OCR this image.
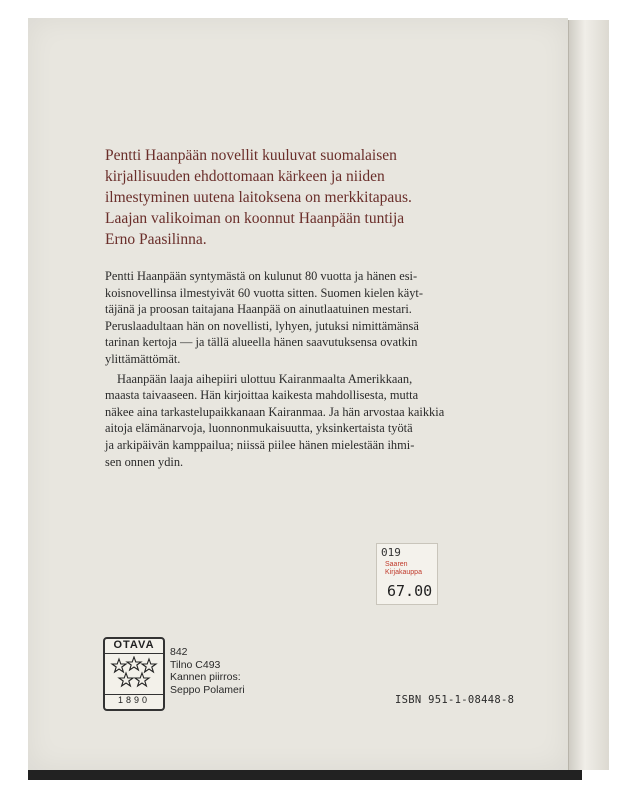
Pentti Haanpään novellit kuuluvat suomalaisen
kirjallisuuden ehdottomaan kärkeen ja niiden
ilmestyminen uutena laitoksena on merkkitapaus.
Laajan valikoiman on koonnut Haanpään tuntija
Erno Paasilinna.

Pentti Haanpään syntymästä on kulunut 80 vuotta ja hänen esi-
koisnovellinsa ilmestyivät 60 vuotta sitten. Suomen kielen käyt-
täjänä ja proosan taitajana Haanpää on ainutlaatuinen mestari.
Peruslaadultaan hän on novellisti, lyhyen, jutuksi nimittämänsä
tarinan kertoja — ja tällä alueella hänen saavutuksensa ovatkin
ylittämättömät.

Haanpään laaja aihepiiri ulottuu Kairanmaalta Amerikkaan,
maasta taivaaseen. Hän kirjoittaa kaikesta mahdollisesta, mutta
näkee aina tarkastelupaikkanaan Kairanmaa. Ja hän arvostaa kaikkia
aitoja elämänarvoja, luonnonmukaisuutta, yksinkertaista työtä
ja arkipäivän kamppailua; niissä piilee hänen mielestään ihmi-
sen onnen ydin.

019
Saaren
Kirjakauppa
67.00
OTAVA
1890
842
Tilno C493
Kannen piirros:
Seppo Polameri
ISBN 951-1-08448-8
